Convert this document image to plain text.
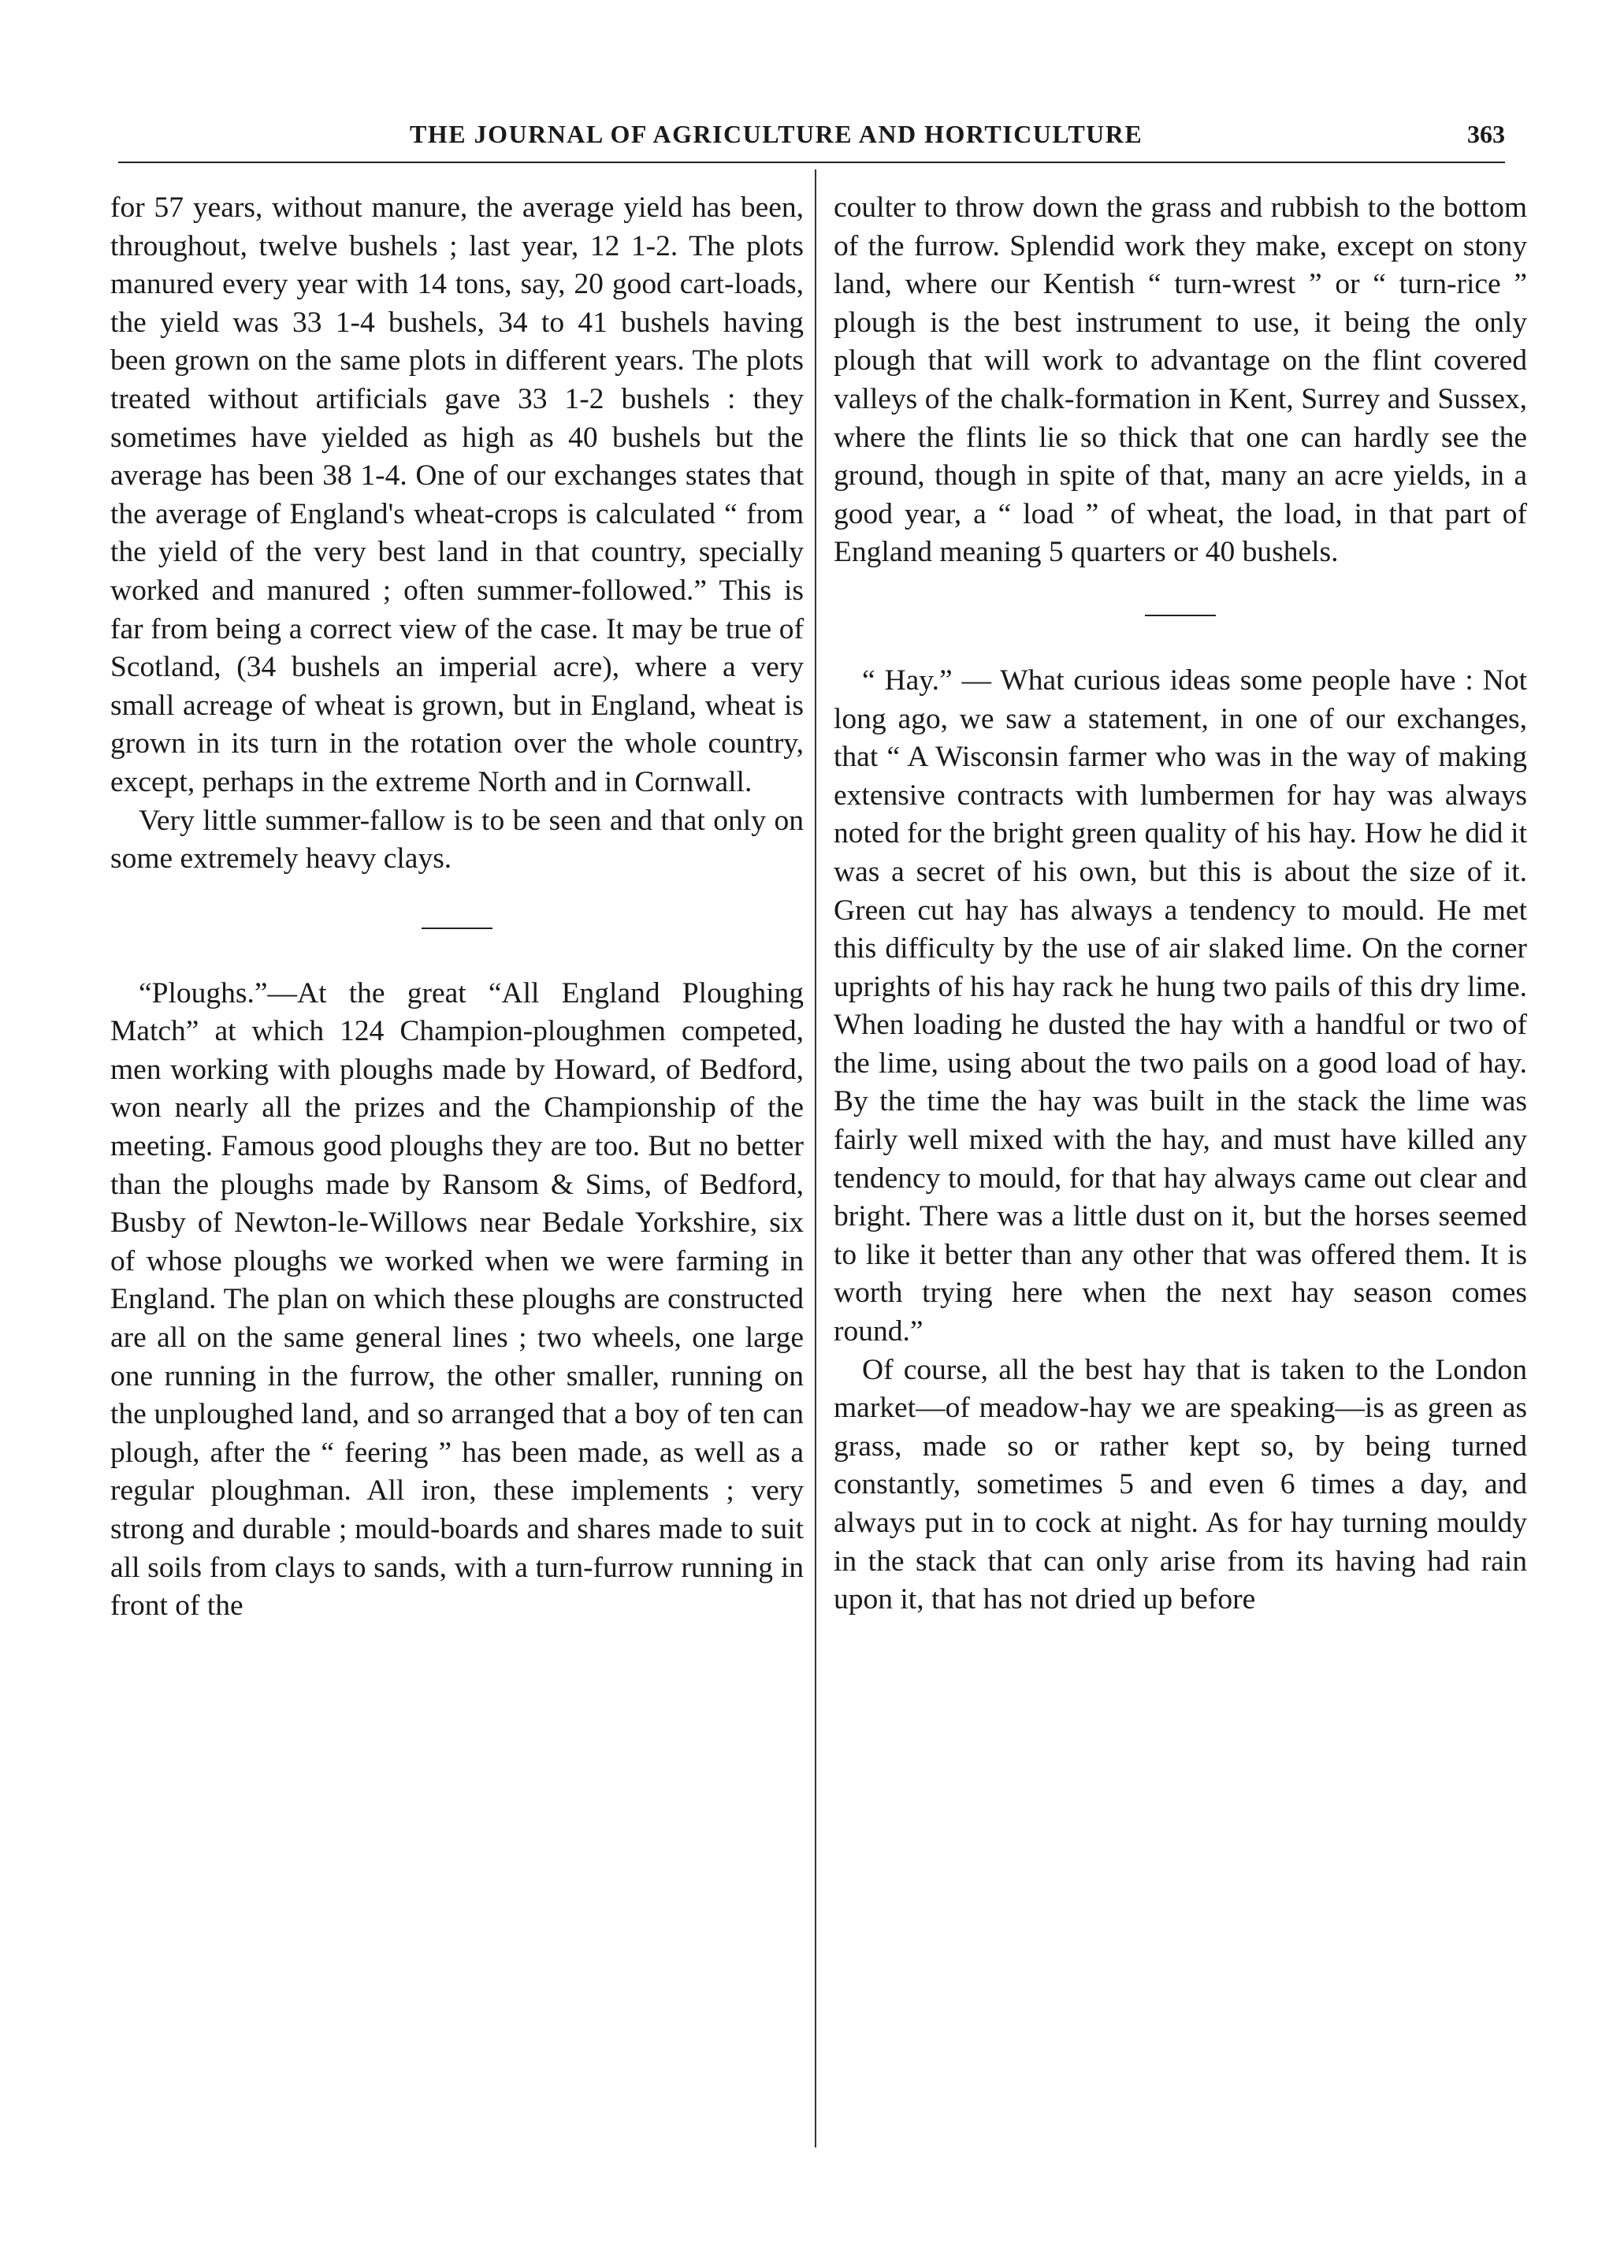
THE JOURNAL OF AGRICULTURE AND HORTICULTURE	363

for 57 years, without manure, the average yield has been, throughout, twelve bushels ; last year, 12 1-2. The plots manured every year with 14 tons, say, 20 good cart-loads, the yield was 33 1-4 bushels, 34 to 41 bushels having been grown on the same plots in different years. The plots treated without artificials gave 33 1-2 bushels : they sometimes have yielded as high as 40 bushels but the average has been 38 1-4. One of our exchanges states that the average of England's wheat-crops is calculated “ from the yield of the very best land in that country, specially worked and manured ; often summer-followed.” This is far from being a correct view of the case. It may be true of Scotland, (34 bushels an imperial acre), where a very small acreage of wheat is grown, but in England, wheat is grown in its turn in the rotation over the whole country, except, perhaps in the extreme North and in Cornwall.

Very little summer-fallow is to be seen and that only on some extremely heavy clays.

“Ploughs.”—At the great “All England Ploughing Match” at which 124 Champion-ploughmen competed, men working with ploughs made by Howard, of Bedford, won nearly all the prizes and the Championship of the meeting. Famous good ploughs they are too. But no better than the ploughs made by Ransom & Sims, of Bedford, Busby of Newton-le-Willows near Bedale Yorkshire, six of whose ploughs we worked when we were farming in England. The plan on which these ploughs are constructed are all on the same general lines ; two wheels, one large one running in the furrow, the other smaller, running on the unploughed land, and so arranged that a boy of ten can plough, after the “ feering ” has been made, as well as a regular ploughman. All iron, these implements ; very strong and durable ; mould-boards and shares made to suit all soils from clays to sands, with a turn-furrow running in front of the

coulter to throw down the grass and rubbish to the bottom of the furrow. Splendid work they make, except on stony land, where our Kentish “ turn-wrest ” or “ turn-rice ” plough is the best instrument to use, it being the only plough that will work to advantage on the flint covered valleys of the chalk-formation in Kent, Surrey and Sussex, where the flints lie so thick that one can hardly see the ground, though in spite of that, many an acre yields, in a good year, a “ load ” of wheat, the load, in that part of England meaning 5 quarters or 40 bushels.

“ Hay.” — What curious ideas some people have : Not long ago, we saw a statement, in one of our exchanges, that “ A Wisconsin farmer who was in the way of making extensive contracts with lumbermen for hay was always noted for the bright green quality of his hay. How he did it was a secret of his own, but this is about the size of it. Green cut hay has always a tendency to mould. He met this difficulty by the use of air slaked lime. On the corner uprights of his hay rack he hung two pails of this dry lime. When loading he dusted the hay with a handful or two of the lime, using about the two pails on a good load of hay. By the time the hay was built in the stack the lime was fairly well mixed with the hay, and must have killed any tendency to mould, for that hay always came out clear and bright. There was a little dust on it, but the horses seemed to like it better than any other that was offered them. It is worth trying here when the next hay season comes round.”

Of course, all the best hay that is taken to the London market—of meadow-hay we are speaking—is as green as grass, made so or rather kept so, by being turned constantly, sometimes 5 and even 6 times a day, and always put in to cock at night. As for hay turning mouldy in the stack that can only arise from its having had rain upon it, that has not dried up before
